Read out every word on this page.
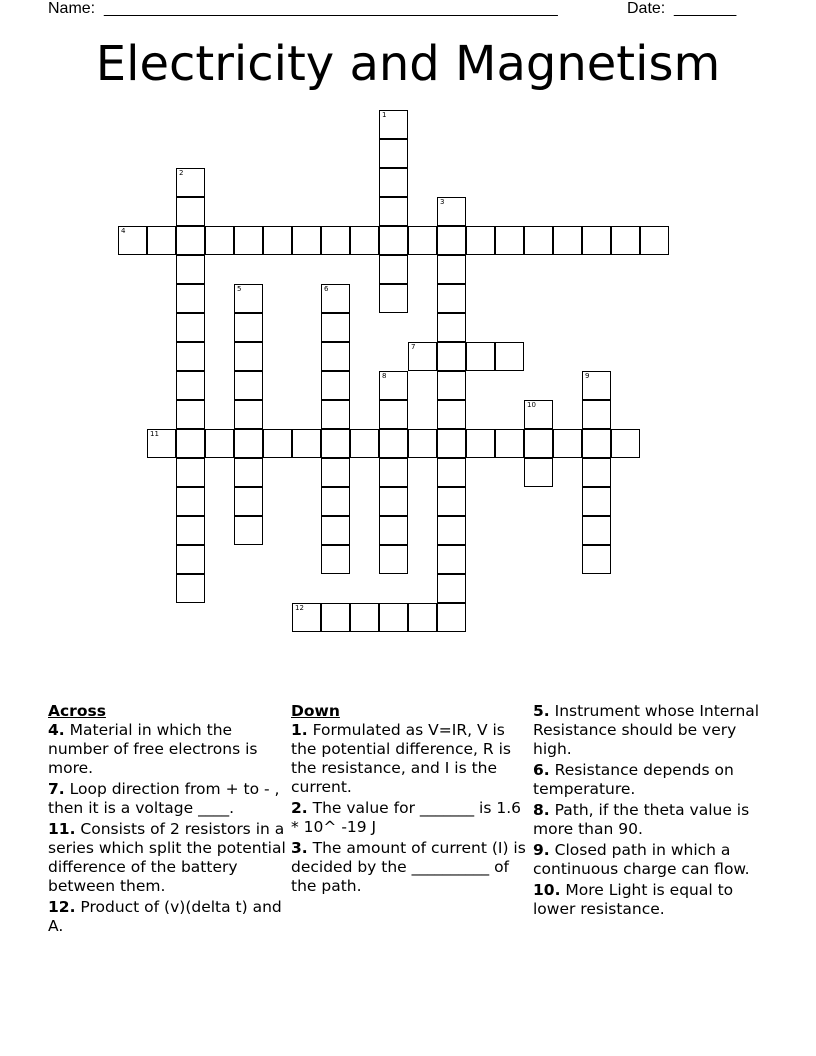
Name: ___________________________________________________	Date: _______
Electricity and Magnetism
1
2
3
4
5	6
7
8	9
10
11
12
Across
4. Material in which the number of free electrons is more.
7. Loop direction from + to - , then it is a voltage ____.
11. Consists of 2 resistors in a series which split the potential difference of the battery between them.
12. Product of (v)(delta t) and A.
Down
1. Formulated as V=IR, V is the potential difference, R is the resistance, and I is the current.
2. The value for _______ is 1.6 * 10^ -19 J
3. The amount of current (I) is decided by the __________ of the path.
5. Instrument whose Internal Resistance should be very high.
6. Resistance depends on temperature.
8. Path, if the theta value is more than 90.
9. Closed path in which a continuous charge can flow.
10. More Light is equal to lower resistance.
